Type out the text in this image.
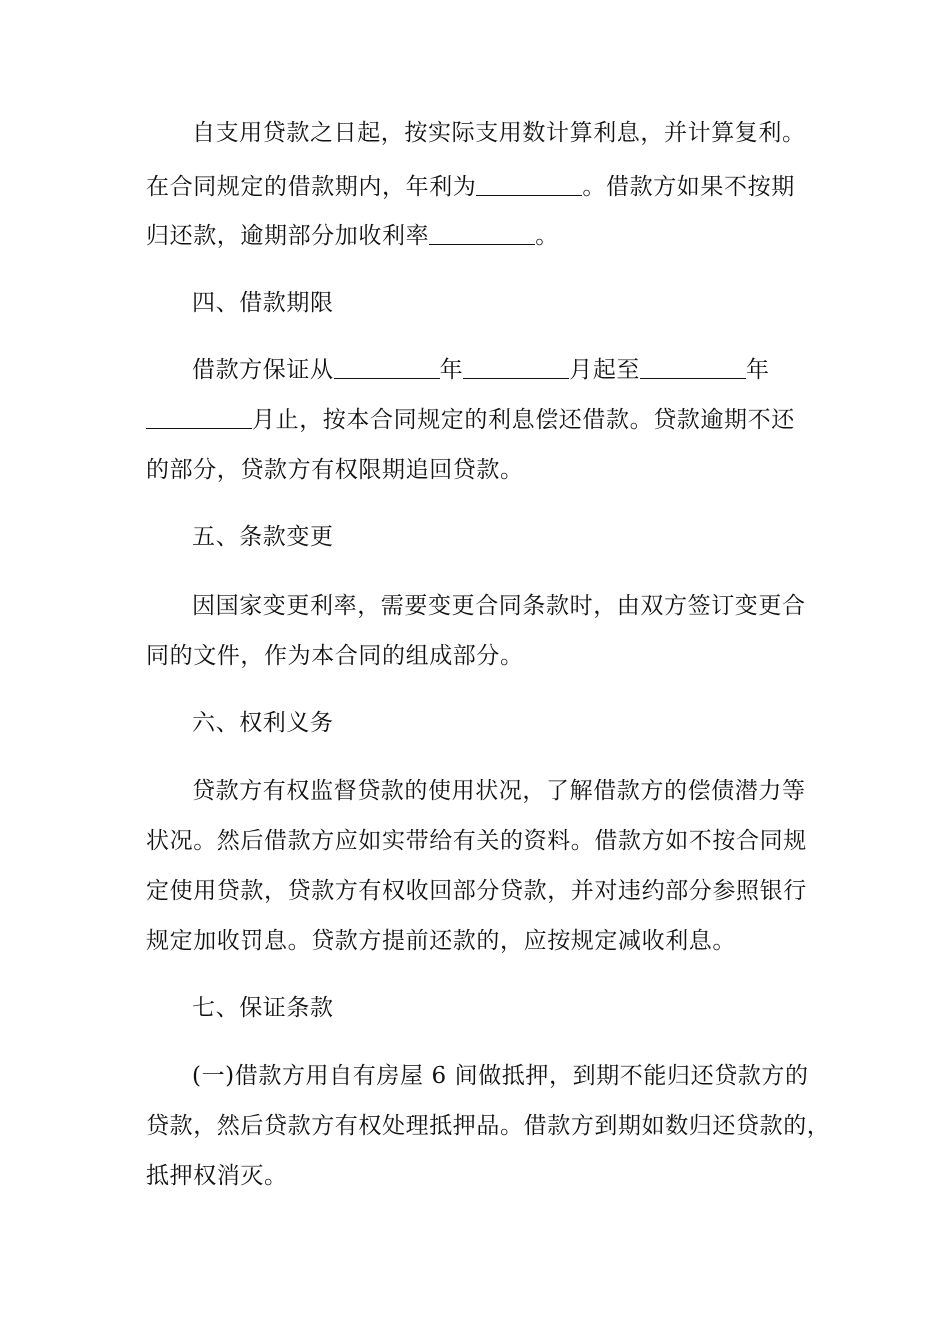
自支用贷款之日起，按实际支用数计算利息，并计算复利。
在合同规定的借款期内，年利为	。借款方如果不按期
归还款，逾期部分加收利率	。
四、借款期限
借款方保证从	年	月起至	年
月止，按本合同规定的利息偿还借款。贷款逾期不还
的部分，贷款方有权限期追回贷款。
五、条款变更
因国家变更利率，需要变更合同条款时，由双方签订变更合
同的文件，作为本合同的组成部分。
六、权利义务
贷款方有权监督贷款的使用状况，了解借款方的偿债潜力等
状况。然后借款方应如实带给有关的资料。借款方如不按合同规
定使用贷款，贷款方有权收回部分贷款，并对违约部分参照银行
规定加收罚息。贷款方提前还款的，应按规定减收利息。
七、保证条款
(一)借款方用自有房屋 6 间做抵押，到期不能归还贷款方的
贷款，然后贷款方有权处理抵押品。借款方到期如数归还贷款的，
抵押权消灭。
